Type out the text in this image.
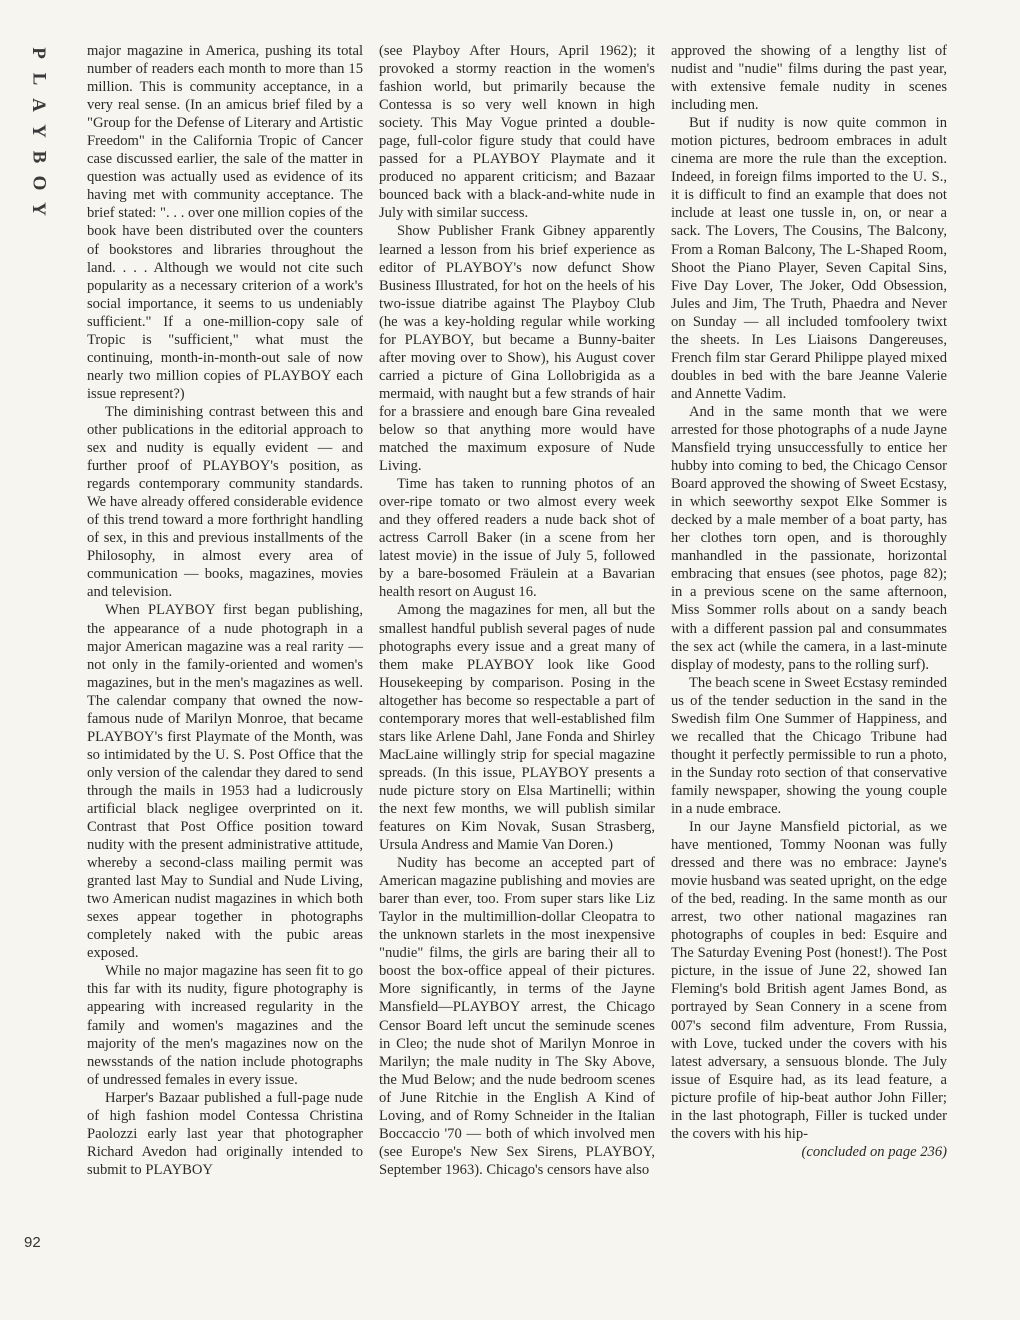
P
L
A
Y
B
O
Y
92

major magazine in America, pushing its total number of readers each month to more than 15 million. This is community acceptance, in a very real sense. (In an amicus brief filed by a "Group for the Defense of Literary and Artistic Freedom" in the California Tropic of Cancer case discussed earlier, the sale of the matter in question was actually used as evidence of its having met with community acceptance. The brief stated: ". . . over one million copies of the book have been distributed over the counters of bookstores and libraries throughout the land. . . . Although we would not cite such popularity as a necessary criterion of a work's social importance, it seems to us undeniably sufficient." If a one-million-copy sale of Tropic is "sufficient," what must the continuing, month-in-month-out sale of now nearly two million copies of PLAYBOY each issue represent?)

The diminishing contrast between this and other publications in the editorial approach to sex and nudity is equally evident — and further proof of PLAYBOY's position, as regards contemporary community standards. We have already offered considerable evidence of this trend toward a more forthright handling of sex, in this and previous installments of the Philosophy, in almost every area of communication — books, magazines, movies and television.

When PLAYBOY first began publishing, the appearance of a nude photograph in a major American magazine was a real rarity — not only in the family-oriented and women's magazines, but in the men's magazines as well. The calendar company that owned the now-famous nude of Marilyn Monroe, that became PLAYBOY's first Playmate of the Month, was so intimidated by the U. S. Post Office that the only version of the calendar they dared to send through the mails in 1953 had a ludicrously artificial black negligee overprinted on it. Contrast that Post Office position toward nudity with the present administrative attitude, whereby a second-class mailing permit was granted last May to Sundial and Nude Living, two American nudist magazines in which both sexes appear together in photographs completely naked with the pubic areas exposed.

While no major magazine has seen fit to go this far with its nudity, figure photography is appearing with increased regularity in the family and women's magazines and the majority of the men's magazines now on the newsstands of the nation include photographs of undressed females in every issue.

Harper's Bazaar published a full-page nude of high fashion model Contessa Christina Paolozzi early last year that photographer Richard Avedon had originally intended to submit to PLAYBOY

(see Playboy After Hours, April 1962); it provoked a stormy reaction in the women's fashion world, but primarily because the Contessa is so very well known in high society. This May Vogue printed a double-page, full-color figure study that could have passed for a PLAYBOY Playmate and it produced no apparent criticism; and Bazaar bounced back with a black-and-white nude in July with similar success.

Show Publisher Frank Gibney apparently learned a lesson from his brief experience as editor of PLAYBOY's now defunct Show Business Illustrated, for hot on the heels of his two-issue diatribe against The Playboy Club (he was a key-holding regular while working for PLAYBOY, but became a Bunny-baiter after moving over to Show), his August cover carried a picture of Gina Lollobrigida as a mermaid, with naught but a few strands of hair for a brassiere and enough bare Gina revealed below so that anything more would have matched the maximum exposure of Nude Living.

Time has taken to running photos of an over-ripe tomato or two almost every week and they offered readers a nude back shot of actress Carroll Baker (in a scene from her latest movie) in the issue of July 5, followed by a bare-bosomed Fräulein at a Bavarian health resort on August 16.

Among the magazines for men, all but the smallest handful publish several pages of nude photographs every issue and a great many of them make PLAYBOY look like Good Housekeeping by comparison. Posing in the altogether has become so respectable a part of contemporary mores that well-established film stars like Arlene Dahl, Jane Fonda and Shirley MacLaine willingly strip for special magazine spreads. (In this issue, PLAYBOY presents a nude picture story on Elsa Martinelli; within the next few months, we will publish similar features on Kim Novak, Susan Strasberg, Ursula Andress and Mamie Van Doren.)

Nudity has become an accepted part of American magazine publishing and movies are barer than ever, too. From super stars like Liz Taylor in the multimillion-dollar Cleopatra to the unknown starlets in the most inexpensive "nudie" films, the girls are baring their all to boost the box-office appeal of their pictures. More significantly, in terms of the Jayne Mansfield—PLAYBOY arrest, the Chicago Censor Board left uncut the seminude scenes in Cleo; the nude shot of Marilyn Monroe in Marilyn; the male nudity in The Sky Above, the Mud Below; and the nude bedroom scenes of June Ritchie in the English A Kind of Loving, and of Romy Schneider in the Italian Boccaccio '70 — both of which involved men (see Europe's New Sex Sirens, PLAYBOY, September 1963). Chicago's censors have also

approved the showing of a lengthy list of nudist and "nudie" films during the past year, with extensive female nudity in scenes including men.

But if nudity is now quite common in motion pictures, bedroom embraces in adult cinema are more the rule than the exception. Indeed, in foreign films imported to the U. S., it is difficult to find an example that does not include at least one tussle in, on, or near a sack. The Lovers, The Cousins, The Balcony, From a Roman Balcony, The L-Shaped Room, Shoot the Piano Player, Seven Capital Sins, Five Day Lover, The Joker, Odd Obsession, Jules and Jim, The Truth, Phaedra and Never on Sunday — all included tomfoolery twixt the sheets. In Les Liaisons Dangereuses, French film star Gerard Philippe played mixed doubles in bed with the bare Jeanne Valerie and Annette Vadim.

And in the same month that we were arrested for those photographs of a nude Jayne Mansfield trying unsuccessfully to entice her hubby into coming to bed, the Chicago Censor Board approved the showing of Sweet Ecstasy, in which seeworthy sexpot Elke Sommer is decked by a male member of a boat party, has her clothes torn open, and is thoroughly manhandled in the passionate, horizontal embracing that ensues (see photos, page 82); in a previous scene on the same afternoon, Miss Sommer rolls about on a sandy beach with a different passion pal and consummates the sex act (while the camera, in a last-minute display of modesty, pans to the rolling surf).

The beach scene in Sweet Ecstasy reminded us of the tender seduction in the sand in the Swedish film One Summer of Happiness, and we recalled that the Chicago Tribune had thought it perfectly permissible to run a photo, in the Sunday roto section of that conservative family newspaper, showing the young couple in a nude embrace.

In our Jayne Mansfield pictorial, as we have mentioned, Tommy Noonan was fully dressed and there was no embrace: Jayne's movie husband was seated upright, on the edge of the bed, reading. In the same month as our arrest, two other national magazines ran photographs of couples in bed: Esquire and The Saturday Evening Post (honest!). The Post picture, in the issue of June 22, showed Ian Fleming's bold British agent James Bond, as portrayed by Sean Connery in a scene from 007's second film adventure, From Russia, with Love, tucked under the covers with his latest adversary, a sensuous blonde. The July issue of Esquire had, as its lead feature, a picture profile of hip-beat author John Filler; in the last photograph, Filler is tucked under the covers with his hip-

(concluded on page 236)
